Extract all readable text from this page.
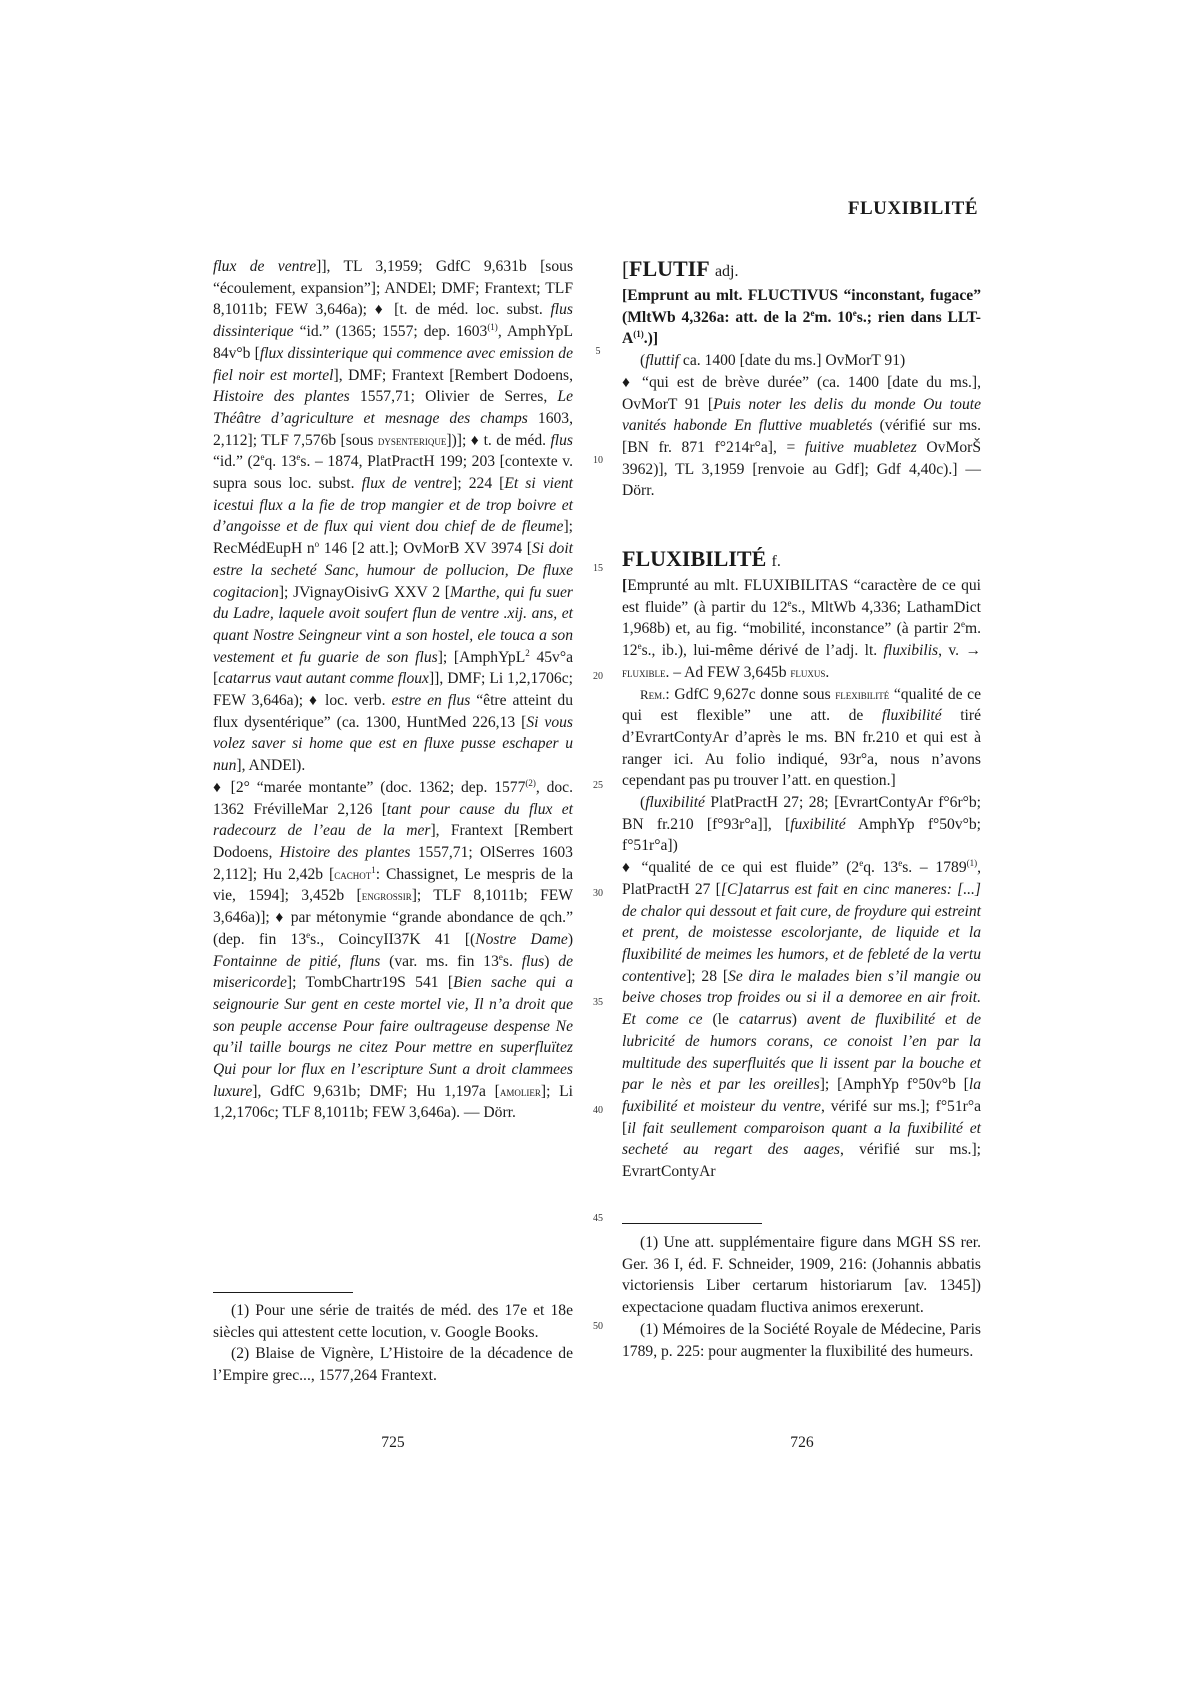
FLUXIBILITÉ

flux de ventre]], TL 3,1959; GdfC 9,631b [sous “écoulement, expansion”]; ANDEl; DMF; Frantext; TLF 8,1011b; FEW 3,646a); ♦ [t. de méd. loc. subst. flus dissinterique “id.” (1365; 1557; dep. 1603$^{(1)}$, AmphYpL 84v°b [flux dissinterique qui commence avec emission de fiel noir est mortel], DMF; Frantext [Rembert Dodoens, Histoire des plantes 1557,71; Olivier de Serres, Le Théâtre d’agriculture et mesnage des champs 1603, 2,112]; TLF 7,576b [sous dysenterique])]; ♦ t. de méd. flus “id.” (2eq. 13es. – 1874, PlatPractH 199; 203 [contexte v. supra sous loc. subst. flux de ventre]; 224 [Et si vient icestui flux a la fie de trop mangier et de trop boivre et d’angoisse et de flux qui vient dou chief de de fleume]; RecMédEupH $n^o$ 146 [2 att.]; OvMorB XV 3974 [Si doit estre la secheté Sanc, humour de pollucion, De fluxe cogitacion]; JVignayOisivG XXV 2 [Marthe, qui fu suer du Ladre, laquele avoit soufert flun de ventre .xij. ans, et quant Nostre Seingneur vint a son hostel, ele touca a son vestement et fu guarie de son flus]; [AmphYpL$^2$ 45v°a [catarrus vaut autant comme floux]], DMF; Li 1,2,1706c; FEW 3,646a); ♦ loc. verb. estre en flus “être atteint du flux dysentérique” (ca. 1300, HuntMed 226,13 [Si vous volez saver si home que est en fluxe pusse eschaper u nun], ANDEl).

♦ [2° “marée montante” (doc. 1362; dep. 1577$^{(2)}$, doc. 1362 FrévilleMar 2,126 [tant pour cause du flux et radecourz de l’eau de la mer], Frantext [Rembert Dodoens, Histoire des plantes 1557,71; OlSerres 1603 2,112]; Hu 2,42b [cachot$^1$: Chassignet, Le mespris de la vie, 1594]; 3,452b [engrossir]; TLF 8,1011b; FEW 3,646a)]; ♦ par métonymie “grande abondance de qch.” (dep. fin 13es., CoincyII37K 41 [(Nostre Dame) Fontainne de pitié, fluns (var. ms. fin 13es. flus) de misericorde]; TombChartr19S 541 [Bien sache qui a seignourie Sur gent en ceste mortel vie, Il n’a droit que son peuple accense Pour faire oultrageuse despense Ne qu’il taille bourgs ne citez Pour mettre en superfluïtez Qui pour lor flux en l’escripture Sunt a droit clammees luxure], GdfC 9,631b; DMF; Hu 1,197a [amolier]; Li 1,2,1706c; TLF 8,1011b; FEW 3,646a). — Dörr.

(1) Pour une série de traités de méd. des 17e et 18e siècles qui attestent cette locution, v. Google Books.

(2) Blaise de Vignère, L’Histoire de la décadence de l’Empire grec..., 1577,264 Frantext.

[FLUTIF adj.

[Emprunt au mlt. FLUCTIVUS “inconstant, fugace” (MltWb 4,326a: att. de la 2em. 10es.; rien dans LLT-$A^{(1)}$.)]

(fluttif ca. 1400 [date du ms.] OvMorT 91)

♦ “qui est de brève durée” (ca. 1400 [date du ms.], OvMorT 91 [Puis noter les delis du monde Ou toute vanités habonde En fluttive muabletés (vérifié sur ms. [BN fr. 871 f°214r°a], = fuitive muabletez OvMorŠ 3962)], TL 3,1959 [renvoie au Gdf]; Gdf 4,40c).] — Dörr.

FLUXIBILITÉ f.

[Emprunté au mlt. FLUXIBILITAS “caractère de ce qui est fluide” (à partir du 12es., MltWb 4,336; LathamDict 1,968b) et, au fig. “mobilité, inconstance” (à partir 2em. 12es., ib.), lui-même dérivé de l’adj. lt. fluxibilis, v. → fluxible. – Ad FEW 3,645b fluxus.

Rem.: GdfC 9,627c donne sous flexibilité “qualité de ce qui est flexible” une att. de fluxibilité tiré d’EvrartContyAr d’après le ms. BN fr.210 et qui est à ranger ici. Au folio indiqué, 93r°a, nous n’avons cependant pas pu trouver l’att. en question.]

(fluxibilité PlatPractH 27; 28; [EvrartContyAr f°6r°b; BN fr.210 [f°93r°a]], [fuxibilité AmphYp f°50v°b; f°51r°a])

♦ “qualité de ce qui est fluide” (2eq. 13es. – 1789$^{(1)}$, PlatPractH 27 [[C]atarrus est fait en cinc maneres: [...] de chalor qui dessout et fait cure, de froydure qui estreint et prent, de moistesse escolorjante, de liquide et la fluxibilité de meimes les humors, et de febleté de la vertu contentive]; 28 [Se dira le malades bien s’il mangie ou beive choses trop froides ou si il a demoree en air froit. Et come ce (le catarrus) avent de fluxibilité et de lubricité de humors corans, ce conoist l’en par la multitude des superfluités que li issent par la bouche et par le nès et par les oreilles]; [AmphYp f°50v°b [la fuxibilité et moisteur du ventre, vérifé sur ms.]; f°51r°a [il fait seullement comparoison quant a la fuxibilité et secheté au regart des aages, vérifié sur ms.]; EvrartContyAr

(1) Une att. supplémentaire figure dans MGH SS rer. Ger. 36 I, éd. F. Schneider, 1909, 216: (Johannis abbatis victoriensis Liber certarum historiarum [av. 1345]) expectacione quadam fluctiva animos erexerunt.

(1) Mémoires de la Société Royale de Médecine, Paris 1789, p. 225: pour augmenter la fluxibilité des humeurs.

5
10
15
20
25
30
35
40
45
50
725	726
